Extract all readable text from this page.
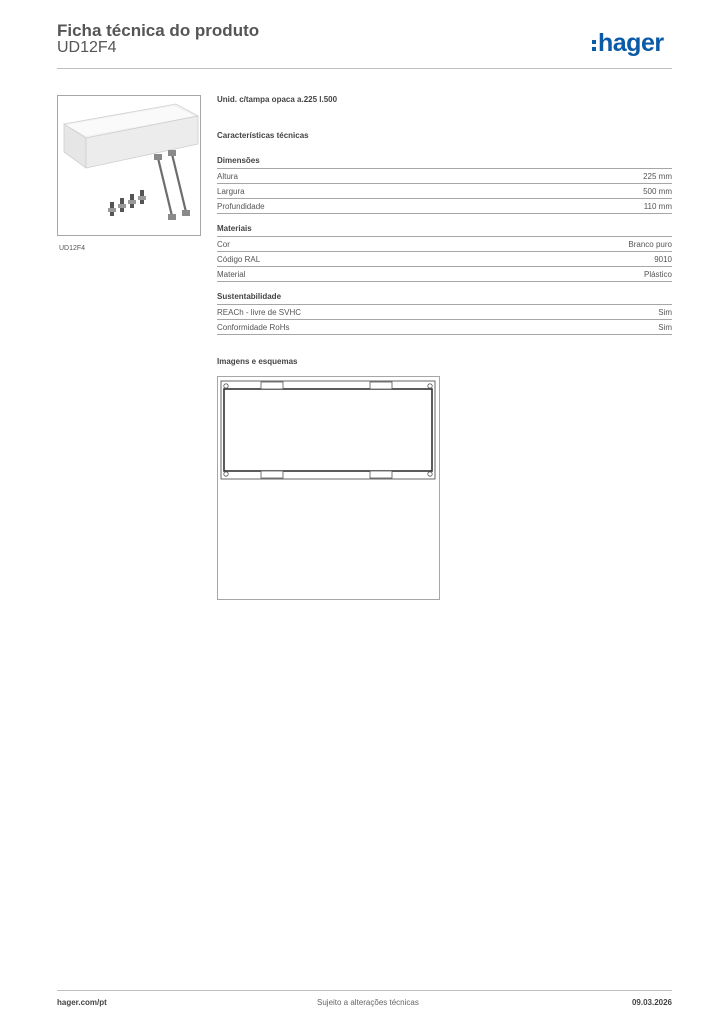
Ficha técnica do produto
UD12F4	hager
UD12F4
Unid. c/tampa opaca a.225 l.500
Características técnicas
Dimensões
Altura	225 mm
Largura	500 mm
Profundidade	110 mm
Materiais
Cor	Branco puro
Código RAL	9010
Material	Plástico
Sustentabilidade
REACh - livre de SVHC	Sim
Conformidade RoHs	Sim
Imagens e esquemas
hager.com/pt	Sujeito a alterações técnicas	09.03.2026
